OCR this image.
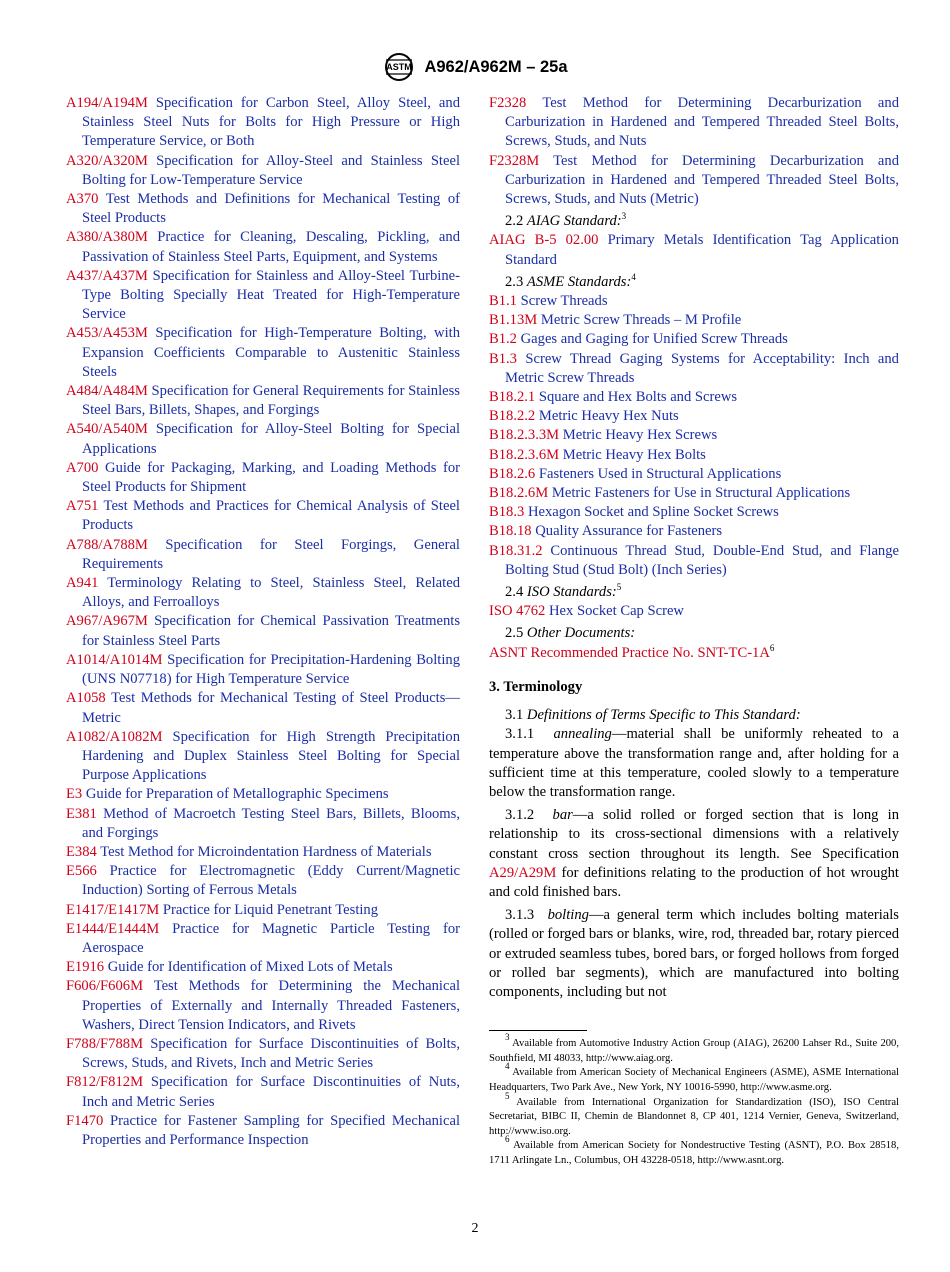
ASTM A962/A962M – 25a
A194/A194M Specification for Carbon Steel, Alloy Steel, and Stainless Steel Nuts for Bolts for High Pressure or High Temperature Service, or Both
A320/A320M Specification for Alloy-Steel and Stainless Steel Bolting for Low-Temperature Service
A370 Test Methods and Definitions for Mechanical Testing of Steel Products
A380/A380M Practice for Cleaning, Descaling, Pickling, and Passivation of Stainless Steel Parts, Equipment, and Systems
A437/A437M Specification for Stainless and Alloy-Steel Turbine-Type Bolting Specially Heat Treated for High-Temperature Service
A453/A453M Specification for High-Temperature Bolting, with Expansion Coefficients Comparable to Austenitic Stainless Steels
A484/A484M Specification for General Requirements for Stainless Steel Bars, Billets, Shapes, and Forgings
A540/A540M Specification for Alloy-Steel Bolting for Special Applications
A700 Guide for Packaging, Marking, and Loading Methods for Steel Products for Shipment
A751 Test Methods and Practices for Chemical Analysis of Steel Products
A788/A788M Specification for Steel Forgings, General Requirements
A941 Terminology Relating to Steel, Stainless Steel, Related Alloys, and Ferroalloys
A967/A967M Specification for Chemical Passivation Treatments for Stainless Steel Parts
A1014/A1014M Specification for Precipitation-Hardening Bolting (UNS N07718) for High Temperature Service
A1058 Test Methods for Mechanical Testing of Steel Products—Metric
A1082/A1082M Specification for High Strength Precipitation Hardening and Duplex Stainless Steel Bolting for Special Purpose Applications
E3 Guide for Preparation of Metallographic Specimens
E381 Method of Macroetch Testing Steel Bars, Billets, Blooms, and Forgings
E384 Test Method for Microindentation Hardness of Materials
E566 Practice for Electromagnetic (Eddy Current/Magnetic Induction) Sorting of Ferrous Metals
E1417/E1417M Practice for Liquid Penetrant Testing
E1444/E1444M Practice for Magnetic Particle Testing for Aerospace
E1916 Guide for Identification of Mixed Lots of Metals
F606/F606M Test Methods for Determining the Mechanical Properties of Externally and Internally Threaded Fasteners, Washers, Direct Tension Indicators, and Rivets
F788/F788M Specification for Surface Discontinuities of Bolts, Screws, Studs, and Rivets, Inch and Metric Series
F812/F812M Specification for Surface Discontinuities of Nuts, Inch and Metric Series
F1470 Practice for Fastener Sampling for Specified Mechanical Properties and Performance Inspection
F2328 Test Method for Determining Decarburization and Carburization in Hardened and Tempered Threaded Steel Bolts, Screws, Studs, and Nuts
F2328M Test Method for Determining Decarburization and Carburization in Hardened and Tempered Threaded Steel Bolts, Screws, Studs, and Nuts (Metric)
2.2 AIAG Standard:$^3$
AIAG B-5 02.00 Primary Metals Identification Tag Application Standard
2.3 ASME Standards:$^4$
B1.1 Screw Threads
B1.13M Metric Screw Threads – M Profile
B1.2 Gages and Gaging for Unified Screw Threads
B1.3 Screw Thread Gaging Systems for Acceptability: Inch and Metric Screw Threads
B18.2.1 Square and Hex Bolts and Screws
B18.2.2 Metric Heavy Hex Nuts
B18.2.3.3M Metric Heavy Hex Screws
B18.2.3.6M Metric Heavy Hex Bolts
B18.2.6 Fasteners Used in Structural Applications
B18.2.6M Metric Fasteners for Use in Structural Applications
B18.3 Hexagon Socket and Spline Socket Screws
B18.18 Quality Assurance for Fasteners
B18.31.2 Continuous Thread Stud, Double-End Stud, and Flange Bolting Stud (Stud Bolt) (Inch Series)
2.4 ISO Standards:$^5$
ISO 4762 Hex Socket Cap Screw
2.5 Other Documents:
ASNT Recommended Practice No. SNT-$TC-1A^6$
3. Terminology
3.1 Definitions of Terms Specific to This Standard:
3.1.1 annealing—material shall be uniformly reheated to a temperature above the transformation range and, after holding for a sufficient time at this temperature, cooled slowly to a temperature below the transformation range.
3.1.2 bar—a solid rolled or forged section that is long in relationship to its cross-sectional dimensions with a relatively constant cross section throughout its length. See Specification A29/A29M for definitions relating to the production of hot wrought and cold finished bars.
3.1.3 bolting—a general term which includes bolting materials (rolled or forged bars or blanks, wire, rod, threaded bar, rotary pierced or extruded seamless tubes, bored bars, or forged hollows from forged or rolled bar segments), which are manufactured into bolting components, including but not
$^3$ Available from Automotive Industry Action Group (AIAG), 26200 Lahser Rd., Suite 200, Southfield, MI 48033, http://www.aiag.org.
$^4$ Available from American Society of Mechanical Engineers (ASME), ASME International Headquarters, Two Park Ave., New York, NY 10016-5990, http://www.asme.org.
$^5$ Available from International Organization for Standardization (ISO), ISO Central Secretariat, BIBC II, Chemin de Blandonnet 8, CP 401, 1214 Vernier, Geneva, Switzerland, http://www.iso.org.
$^6$ Available from American Society for Nondestructive Testing (ASNT), P.O. Box 28518, 1711 Arlingate Ln., Columbus, OH 43228-0518, http://www.asnt.org.
2
